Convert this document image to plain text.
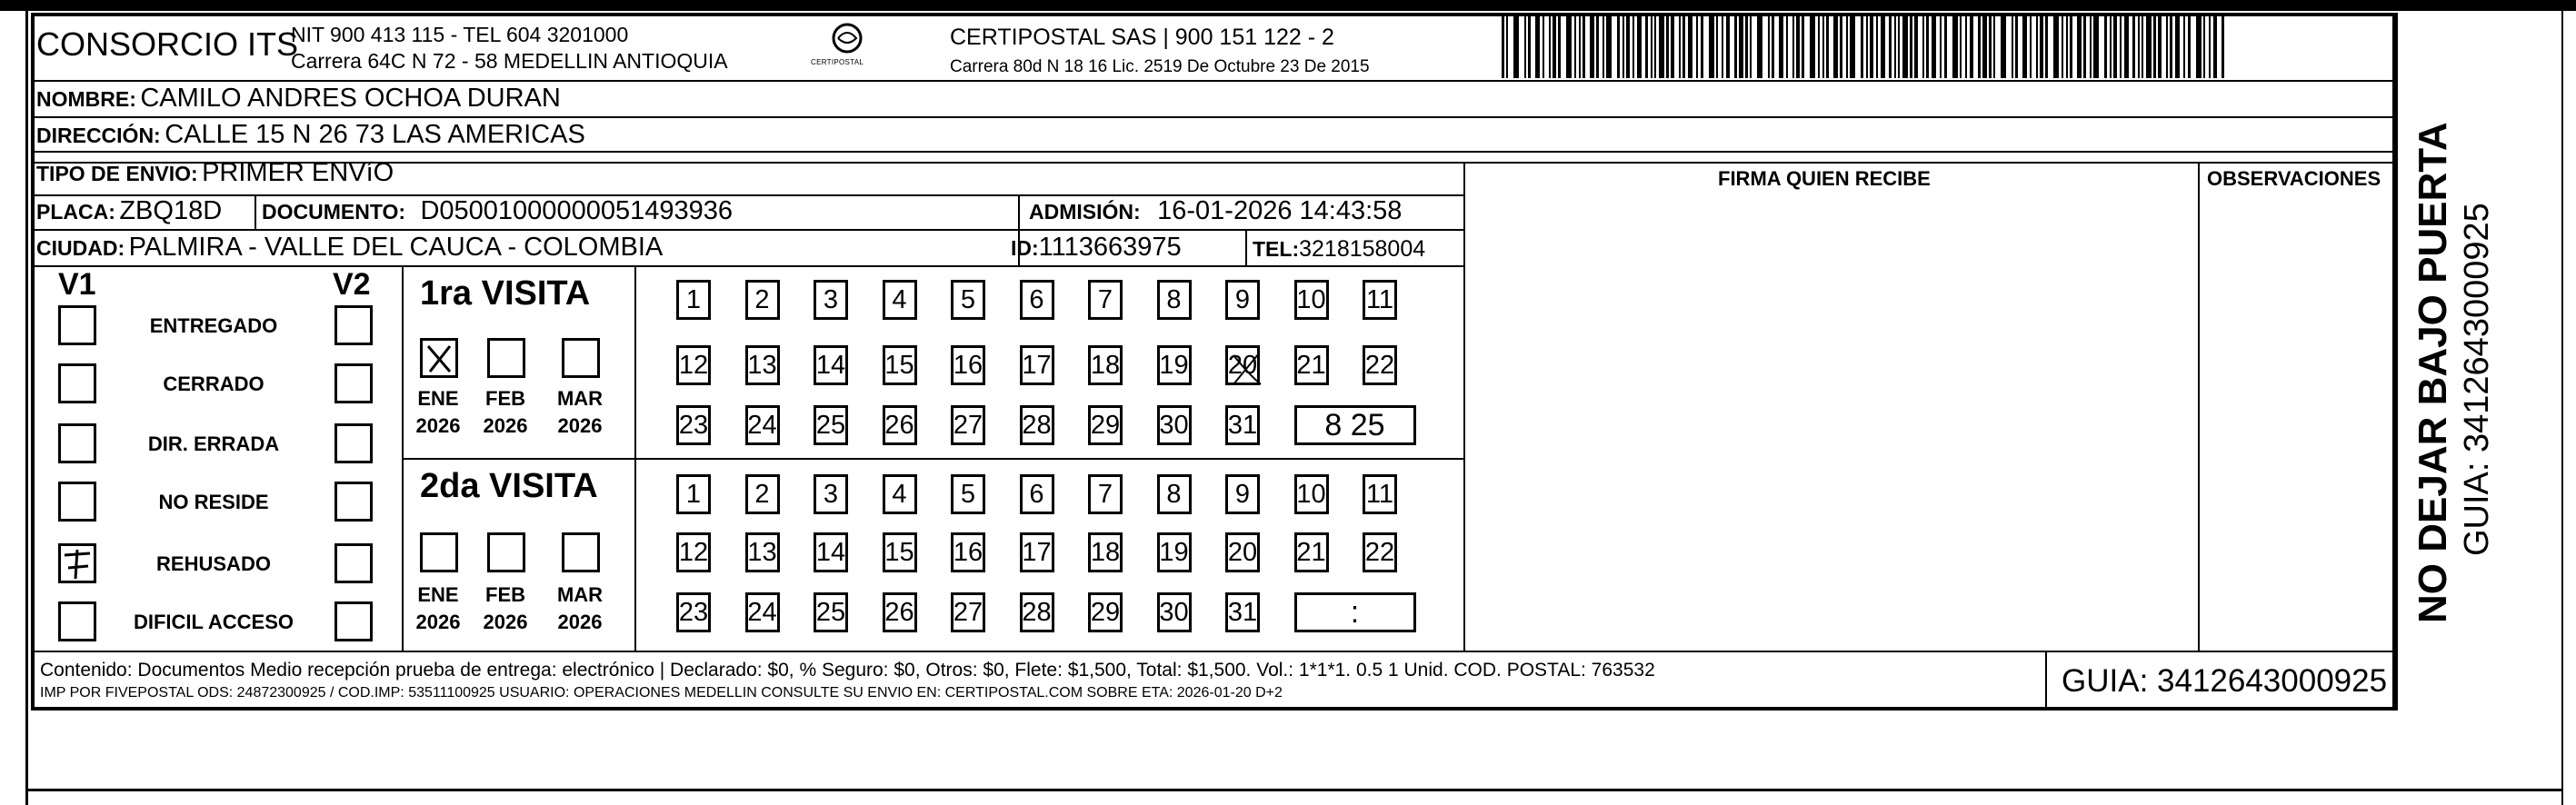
CONSORCIO ITS
NIT 900 413 115 - TEL 604 3201000
Carrera 64C N 72 - 58 MEDELLIN ANTIOQUIA	CERTIPOSTAL
CERTIPOSTAL SAS | 900 151 122 - 2
Carrera 80d N 18 16 Lic. 2519 De Octubre 23 De 2015
NOMBRE: CAMILO ANDRES OCHOA DURAN
DIRECCIÓN: CALLE 15 N 26 73 LAS AMERICAS
TIPO DE ENVIO: PRIMER ENVíO
PLACA: ZBQ18D DOCUMENTO: D05001000000051493936	ADMISIÓN: 16-01-2026 14:43:58
CIUDAD: PALMIRA - VALLE DEL CAUCA - COLOMBIA	ID:1113663975	TEL:3218158004
FIRMA QUIEN RECIBE	OBSERVACIONES
V1	V2
ENTREGADO
CERRADO
DIR. ERRADA
NO RESIDE
REHUSADO
DIFICIL ACCESO
1ra VISITA
ENE
2026
FEB
2026
MAR
2026
1	2	3	4	5	6	7	8	9	10 11
12 13 14 15 16 17 18 19 20 21 22
23 24 25 26 27 28 29 30 31	8 25
2da VISITA
ENE
2026
FEB
2026
MAR
2026
1	2	3	4	5	6	7	8	9	10 11
12 13 14 15 16 17 18 19 20 21 22
23 24 25 26 27 28 29 30 31	:	NO DEJAR BAJO PUERTA GUIA: 3412643000925
Contenido: Documentos Medio recepción prueba de entrega: electrónico | Declarado: $0, % Seguro: $0, Otros: $0, Flete: $1,500, Total: $1,500. Vol.: 1*1*1. 0.5 1 Unid. COD. POSTAL: 763532
IMP POR FIVEPOSTAL ODS: 24872300925 / COD.IMP: 53511100925 USUARIO: OPERACIONES MEDELLIN CONSULTE SU ENVIO EN: CERTIPOSTAL.COM SOBRE ETA: 2026-01-20 D+2	GUIA: 3412643000925
